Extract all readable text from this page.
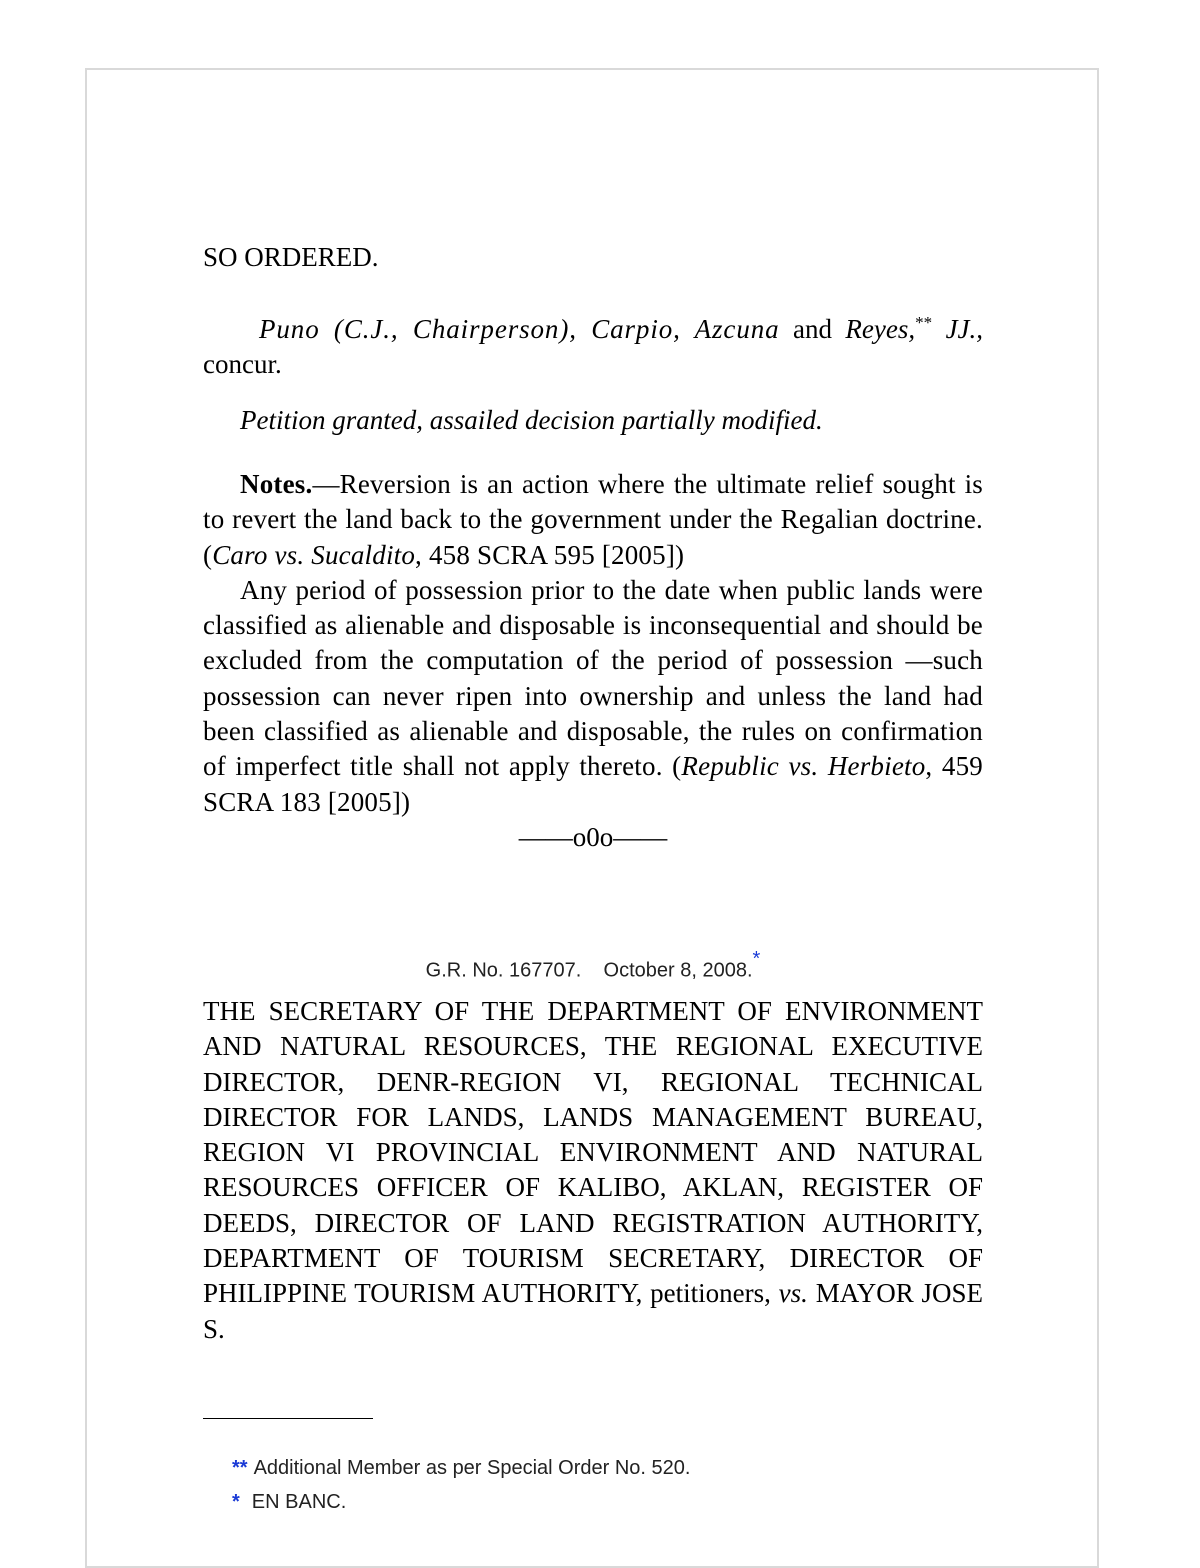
SO ORDERED.

Puno (C.J., Chairperson), Carpio, Azcuna and Reyes,** JJ., concur.

Petition granted, assailed decision partially modified.

Notes.—Reversion is an action where the ultimate relief sought is to revert the land back to the government under the Regalian doctrine. (Caro vs. Sucaldito, 458 SCRA 595 [2005])

Any period of possession prior to the date when public lands were classified as alienable and disposable is inconsequential and should be excluded from the computation of the period of possession —such possession can never ripen into ownership and unless the land had been classified as alienable and disposable, the rules on confirmation of imperfect title shall not apply thereto. (Republic vs. Herbieto, 459 SCRA 183 [2005])

——o0o——
G.R. No. 167707. October 8, 2008.*

THE SECRETARY OF THE DEPARTMENT OF ENVIRONMENT AND NATURAL RESOURCES, THE REGIONAL EXECUTIVE DIRECTOR, DENR-REGION VI, REGIONAL TECHNICAL DIRECTOR FOR LANDS, LANDS MANAGEMENT BUREAU, REGION VI PROVINCIAL ENVIRONMENT AND NATURAL RESOURCES OFFICER OF KALIBO, AKLAN, REGISTER OF DEEDS, DIRECTOR OF LAND REGISTRATION AUTHORITY, DEPARTMENT OF TOURISM SECRETARY, DIRECTOR OF PHILIPPINE TOURISM AUTHORITY, petitioners, vs. MAYOR JOSE S.

** Additional Member as per Special Order No. 520.
* EN BANC.
